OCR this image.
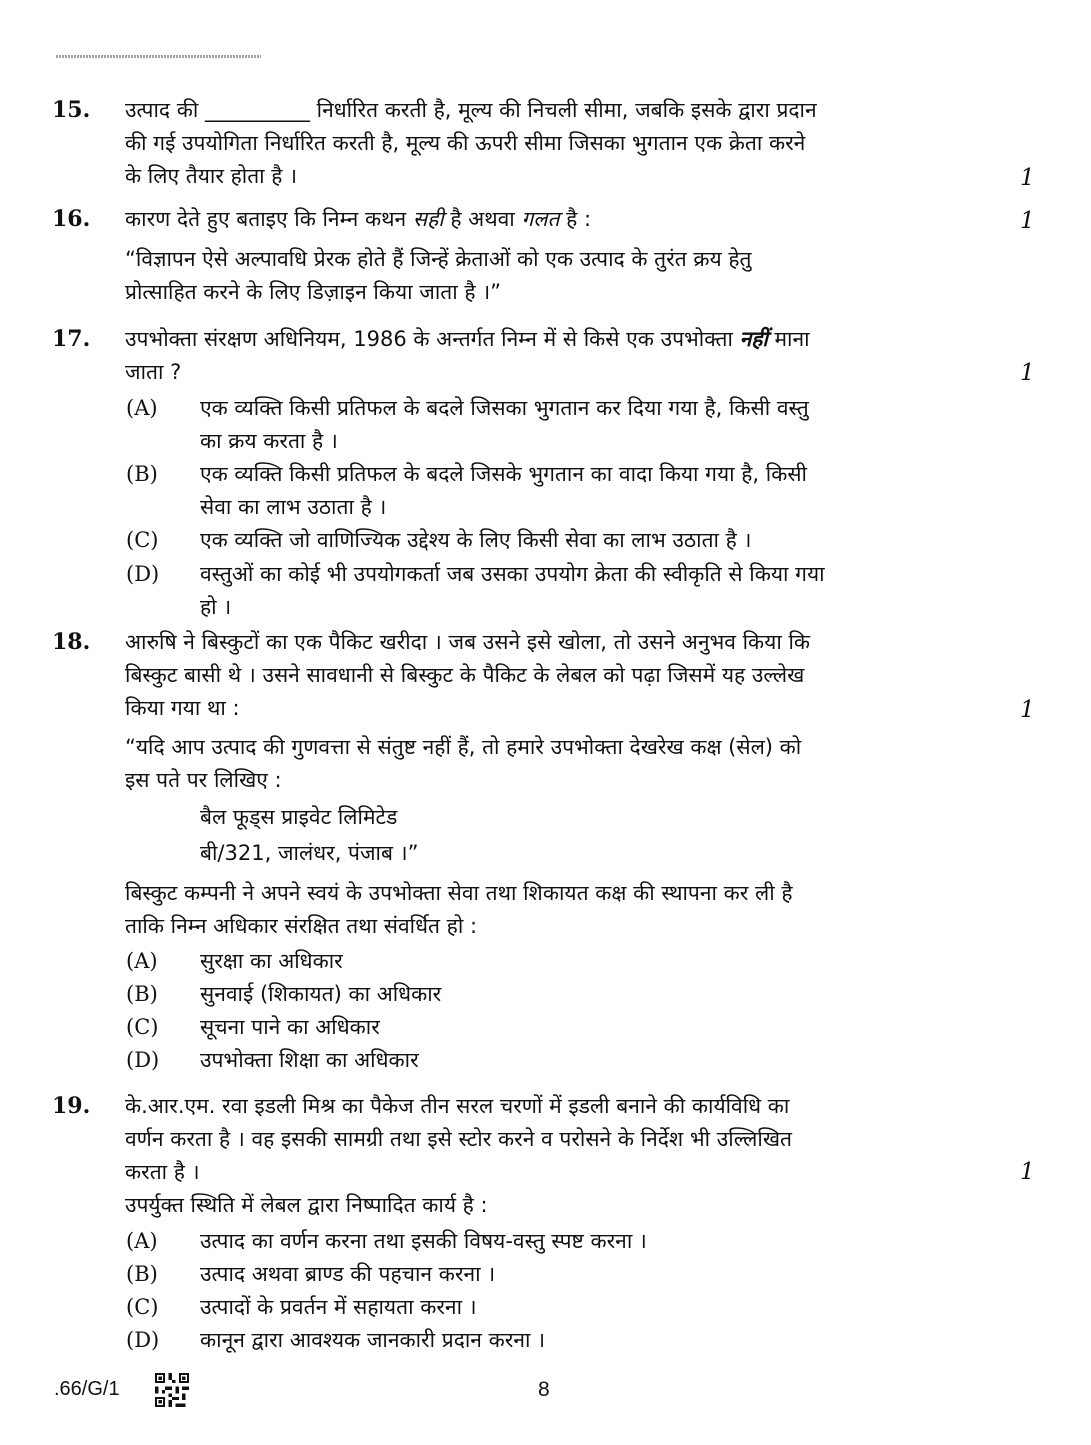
15. उत्पाद की __________ निर्धारित करती है, मूल्य की निचली सीमा, जबकि इसके द्वारा प्रदान
की गई उपयोगिता निर्धारित करती है, मूल्य की ऊपरी सीमा जिसका भुगतान एक क्रेता करने
के लिए तैयार होता है ।	1
16. कारण देते हुए बताइए कि निम्न कथन सही है अथवा गलत है :	1
“विज्ञापन ऐसे अल्पावधि प्रेरक होते हैं जिन्हें क्रेताओं को एक उत्पाद के तुरंत क्रय हेतु
प्रोत्साहित करने के लिए डिज़ाइन किया जाता है ।”
17. उपभोक्ता संरक्षण अधिनियम, 1986 के अन्तर्गत निम्न में से किसे एक उपभोक्ता नहीं माना
जाता ?	1
(A) एक व्यक्ति किसी प्रतिफल के बदले जिसका भुगतान कर दिया गया है, किसी वस्तु
का क्रय करता है ।
(B) एक व्यक्ति किसी प्रतिफल के बदले जिसके भुगतान का वादा किया गया है, किसी
सेवा का लाभ उठाता है ।
(C) एक व्यक्ति जो वाणिज्यिक उद्देश्य के लिए किसी सेवा का लाभ उठाता है ।
(D) वस्तुओं का कोई भी उपयोगकर्ता जब उसका उपयोग क्रेता की स्वीकृति से किया गया
हो ।
18. आरुषि ने बिस्कुटों का एक पैकिट खरीदा । जब उसने इसे खोला, तो उसने अनुभव किया कि
बिस्कुट बासी थे । उसने सावधानी से बिस्कुट के पैकिट के लेबल को पढ़ा जिसमें यह उल्लेख
किया गया था :	1
“यदि आप उत्पाद की गुणवत्ता से संतुष्ट नहीं हैं, तो हमारे उपभोक्ता देखरेख कक्ष (सेल) को
इस पते पर लिखिए :
बैल फूड्स प्राइवेट लिमिटेड
बी/321, जालंधर, पंजाब ।”
बिस्कुट कम्पनी ने अपने स्वयं के उपभोक्ता सेवा तथा शिकायत कक्ष की स्थापना कर ली है
ताकि निम्न अधिकार संरक्षित तथा संवर्धित हो :
(A) सुरक्षा का अधिकार
(B) सुनवाई (शिकायत) का अधिकार
(C) सूचना पाने का अधिकार
(D) उपभोक्ता शिक्षा का अधिकार
19. के.आर.एम. रवा इडली मिश्र का पैकेज तीन सरल चरणों में इडली बनाने की कार्यविधि का
वर्णन करता है । वह इसकी सामग्री तथा इसे स्टोर करने व परोसने के निर्देश भी उल्लिखित
करता है ।	1
उपर्युक्त स्थिति में लेबल द्वारा निष्पादित कार्य है :
(A) उत्पाद का वर्णन करना तथा इसकी विषय-वस्तु स्पष्ट करना ।
(B) उत्पाद अथवा ब्राण्ड की पहचान करना ।
(C) उत्पादों के प्रवर्तन में सहायता करना ।
(D) कानून द्वारा आवश्यक जानकारी प्रदान करना ।
.66/G/1	8
